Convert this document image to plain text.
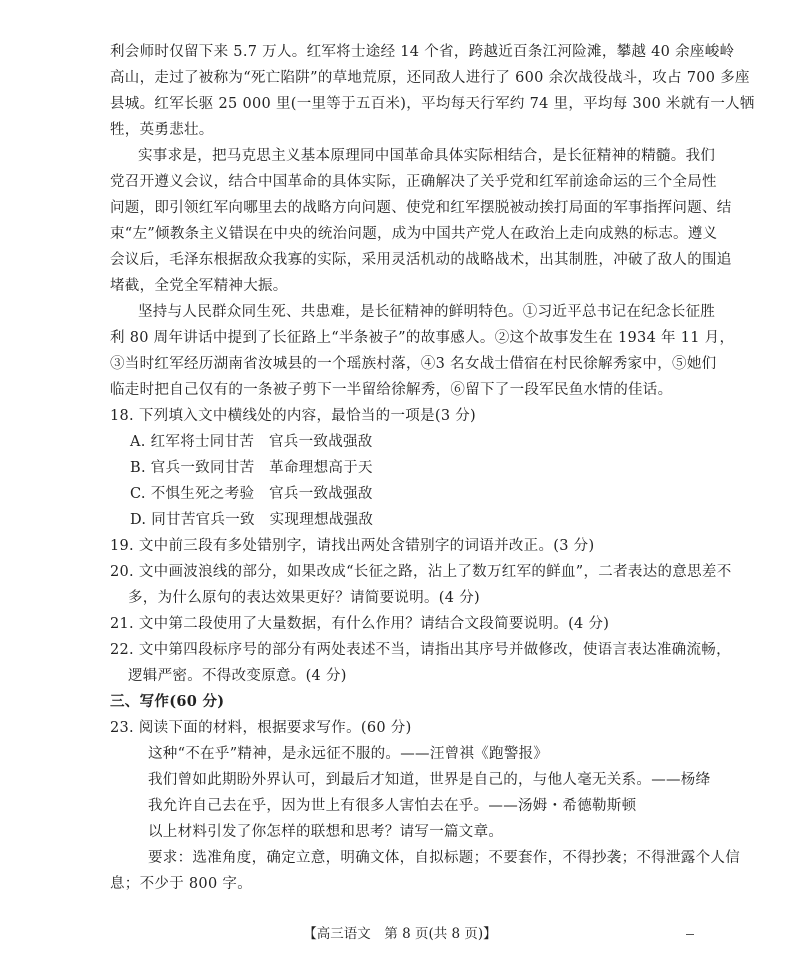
利会师时仅留下来 5.7 万人。红军将士途经 14 个省，跨越近百条江河险滩，攀越 40 余座峻岭
高山，走过了被称为“死亡陷阱”的草地荒原，还同敌人进行了 600 余次战役战斗，攻占 700 多座
县城。红军长驱 25 000 里(一里等于五百米)，平均每天行军约 74 里，平均每 300 米就有一人牺
牲，英勇悲壮。
实事求是，把马克思主义基本原理同中国革命具体实际相结合，是长征精神的精髓。我们
党召开遵义会议，结合中国革命的具体实际，正确解决了关乎党和红军前途命运的三个全局性
问题，即引领红军向哪里去的战略方向问题、使党和红军摆脱被动挨打局面的军事指挥问题、结
束“左”倾教条主义错误在中央的统治问题，成为中国共产党人在政治上走向成熟的标志。遵义
会议后，毛泽东根据敌众我寡的实际，采用灵活机动的战略战术，出其制胜，冲破了敌人的围追
堵截，全党全军精神大振。
坚持与人民群众同生死、共患难，是长征精神的鲜明特色。①习近平总书记在纪念长征胜
利 80 周年讲话中提到了长征路上“半条被子”的故事感人。②这个故事发生在 1934 年 11 月，
③当时红军经历湖南省汝城县的一个瑶族村落，④3 名女战士借宿在村民徐解秀家中，⑤她们
临走时把自己仅有的一条被子剪下一半留给徐解秀，⑥留下了一段军民鱼水情的佳话。
18. 下列填入文中横线处的内容，最恰当的一项是(3 分)
A. 红军将士同甘苦　官兵一致战强敌
B. 官兵一致同甘苦　革命理想高于天
C. 不惧生死之考验　官兵一致战强敌
D. 同甘苦官兵一致　实现理想战强敌
19. 文中前三段有多处错别字，请找出两处含错别字的词语并改正。(3 分)
20. 文中画波浪线的部分，如果改成“长征之路，沾上了数万红军的鲜血”，二者表达的意思差不
多，为什么原句的表达效果更好？请简要说明。(4 分)
21. 文中第二段使用了大量数据，有什么作用？请结合文段简要说明。(4 分)
22. 文中第四段标序号的部分有两处表述不当，请指出其序号并做修改，使语言表达准确流畅，
逻辑严密。不得改变原意。(4 分)
三、写作(60 分)
23. 阅读下面的材料，根据要求写作。(60 分)
这种“不在乎”精神，是永远征不服的。——汪曾祺《跑警报》
我们曾如此期盼外界认可，到最后才知道，世界是自己的，与他人毫无关系。——杨绛
我允许自己去在乎，因为世上有很多人害怕去在乎。——汤姆・希德勒斯顿
以上材料引发了你怎样的联想和思考？请写一篇文章。
要求：选准角度，确定立意，明确文体，自拟标题；不要套作，不得抄袭；不得泄露个人信
息；不少于 800 字。
【高三语文　第 8 页(共 8 页)】
